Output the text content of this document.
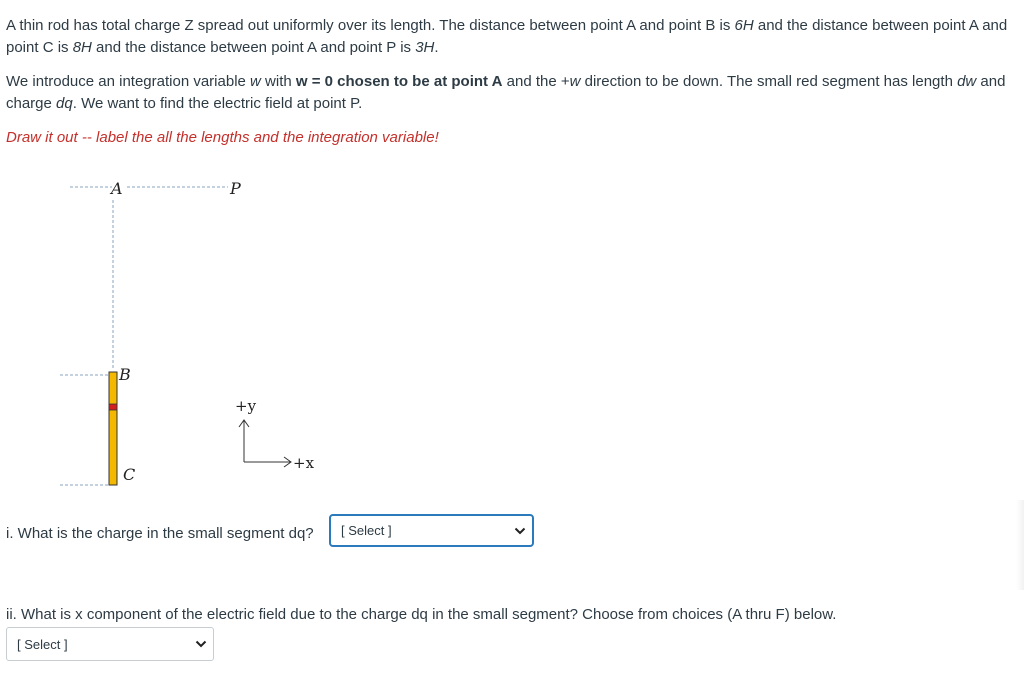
A thin rod has total charge Z spread out uniformly over its length. The distance between point A and point B is 6H and the distance between point A and point C is 8H and the distance between point A and point P is 3H.

We introduce an integration variable w with w = 0 chosen to be at point A and the +w direction to be down. The small red segment has length dw and charge dq. We want to find the electric field at point P.

Draw it out -- label the all the lengths and the integration variable!

A	P
B
C
+y
+x
i. What is the charge in the small segment dq? [ Select ]
ii. What is x component of the electric field due to the charge dq in the small segment? Choose from choices (A thru F) below.
[ Select ]
